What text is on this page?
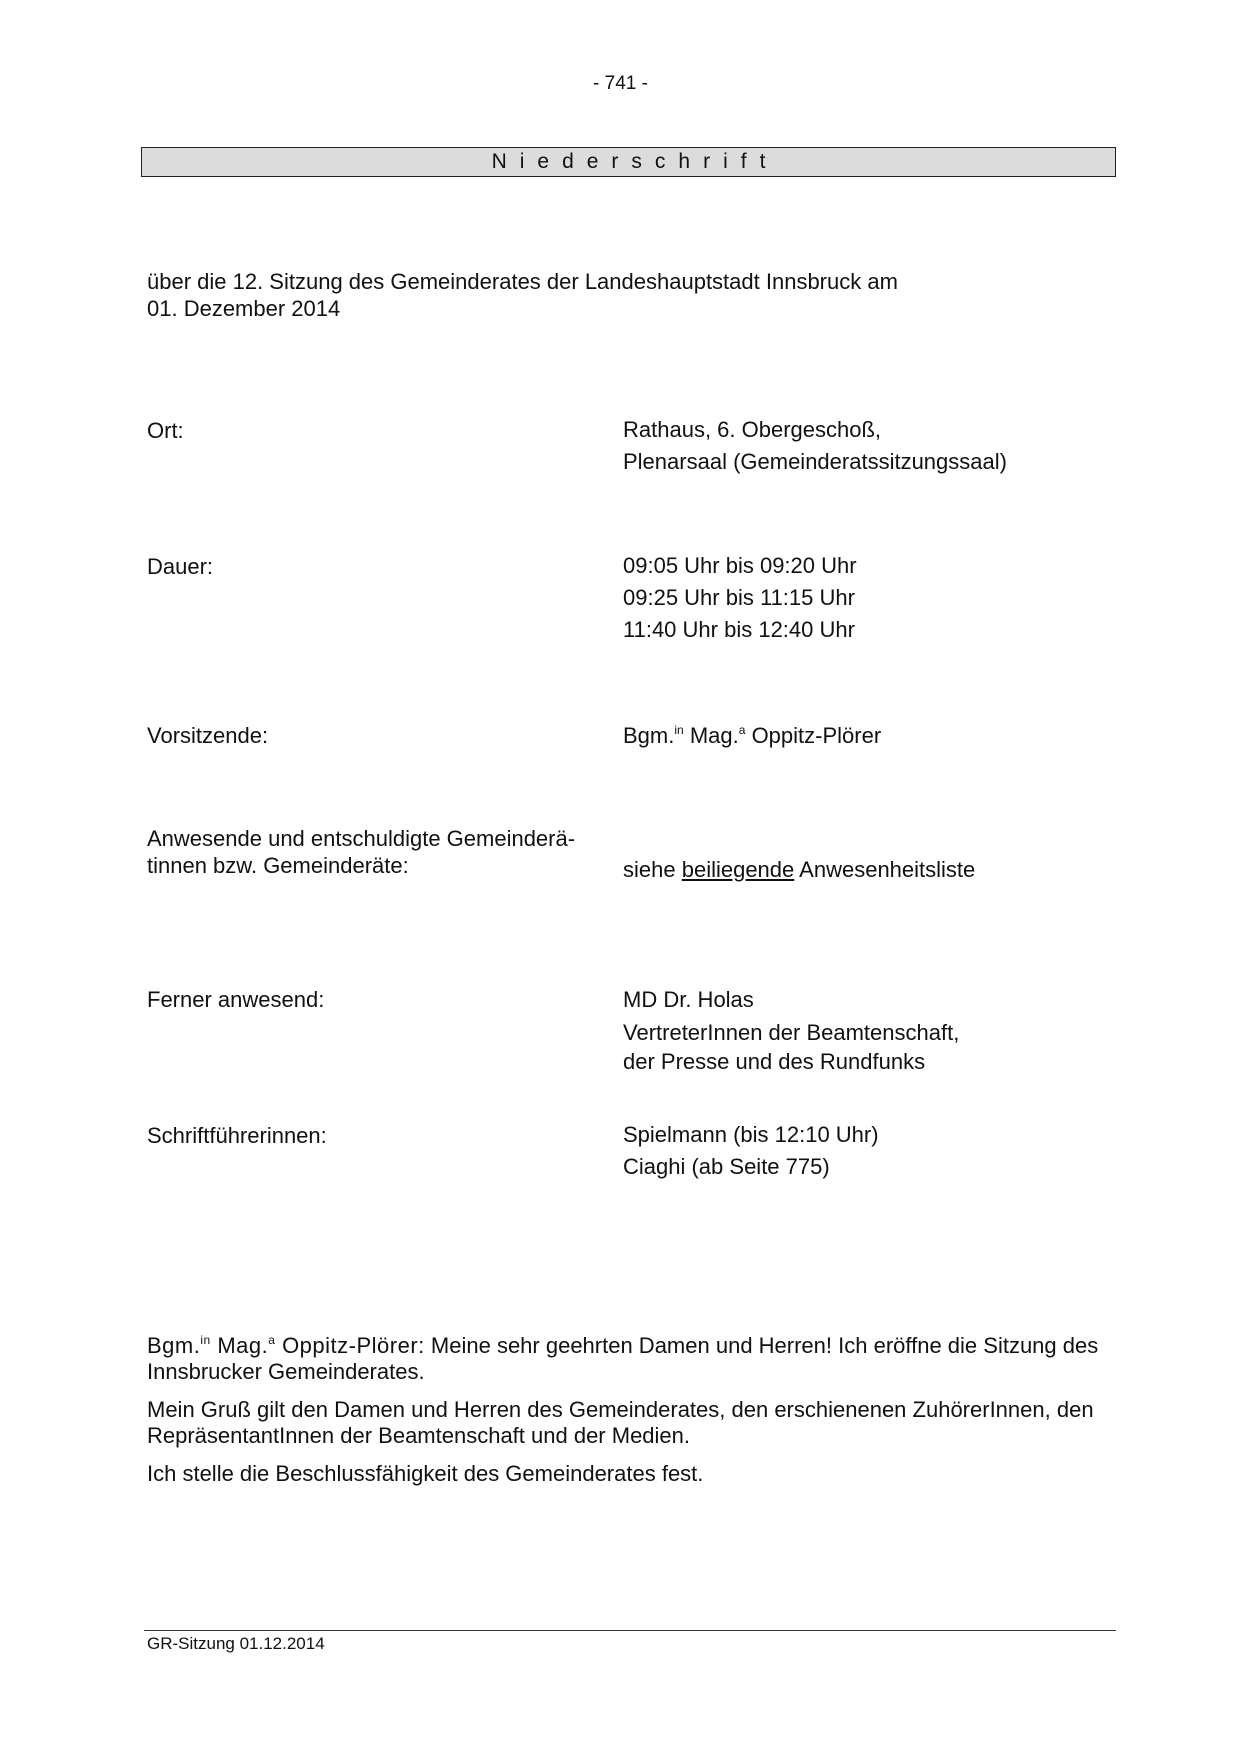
- 741 -
Niederschrift
über die 12. Sitzung des Gemeinderates der Landeshauptstadt Innsbruck am
01. Dezember 2014
Ort:	Rathaus, 6. Obergeschoß,
Plenarsaal (Gemeinderatssitzungssaal)
Dauer:	09:05 Uhr bis 09:20 Uhr
09:25 Uhr bis 11:15 Uhr
11:40 Uhr bis 12:40 Uhr
Vorsitzende:	Bgm.$^{in}$ Mag.$^a$ Oppitz-Plörer
Anwesende und entschuldigte Gemeinderä-
tinnen bzw. Gemeinderäte:	siehe beiliegende Anwesenheitsliste
Ferner anwesend:	MD Dr. Holas
VertreterInnen der Beamtenschaft,
der Presse und des Rundfunks
Schriftführerinnen:	Spielmann (bis 12:10 Uhr)
Ciaghi (ab Seite 775)

Bgm.$^{in}$ Mag.$^a$ Oppitz-Plörer: Meine sehr geehrten Damen und Herren! Ich eröffne die Sitzung des Innsbrucker Gemeinderates.

Mein Gruß gilt den Damen und Herren des Gemeinderates, den erschienenen ZuhörerInnen, den RepräsentantInnen der Beamtenschaft und der Medien.

Ich stelle die Beschlussfähigkeit des Gemeinderates fest.

GR-Sitzung 01.12.2014
